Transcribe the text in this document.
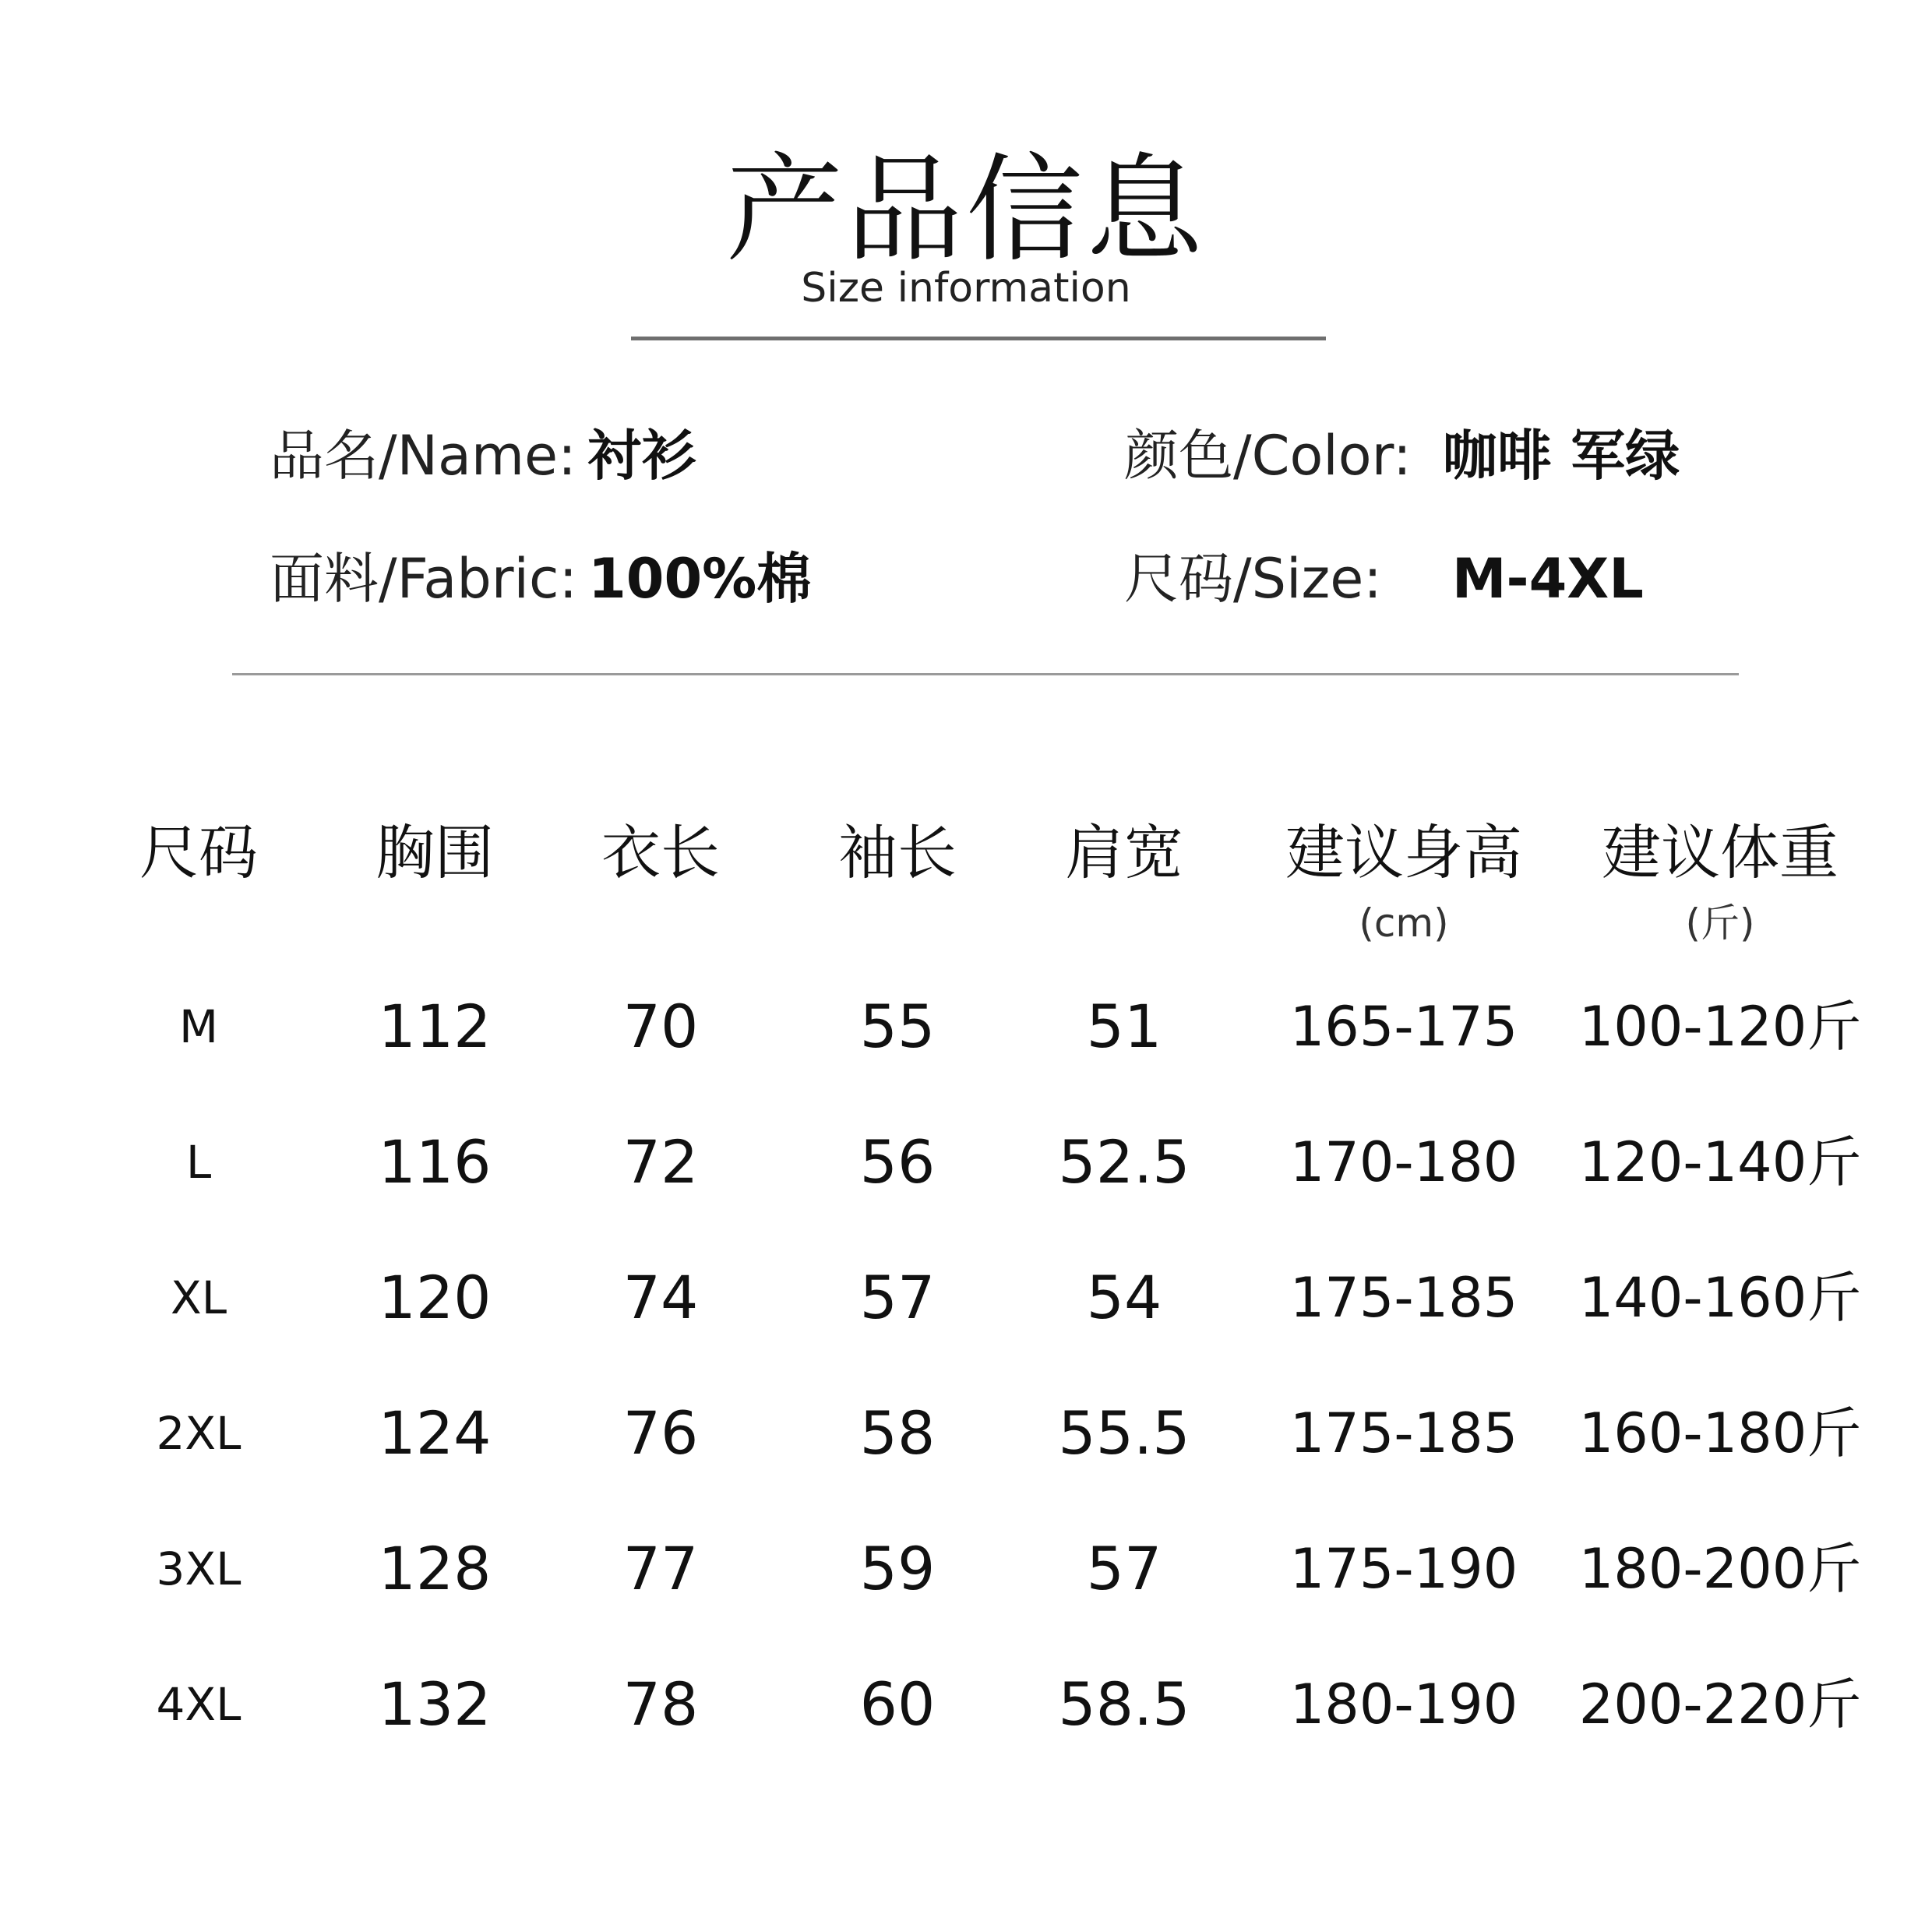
产品信息
Size information
品名/Name: 衬衫
面料/Fabric: 100%棉
颜色/Color: 咖啡 军绿
尺码/Size: M-4XL
尺码 胸围 衣长 袖长 肩宽 建议身高 建议体重
(cm)	(斤)
M	112 70	55	51 165-175 100-120斤
L	116 72	56 52.5 170-180 120-140斤
XL	120 74	57	54 175-185 140-160斤
2XL 124 76	58 55.5 175-185 160-180斤
3XL 128 77	59	57 175-190 180-200斤
4XL 132 78	60 58.5 180-190 200-220斤
